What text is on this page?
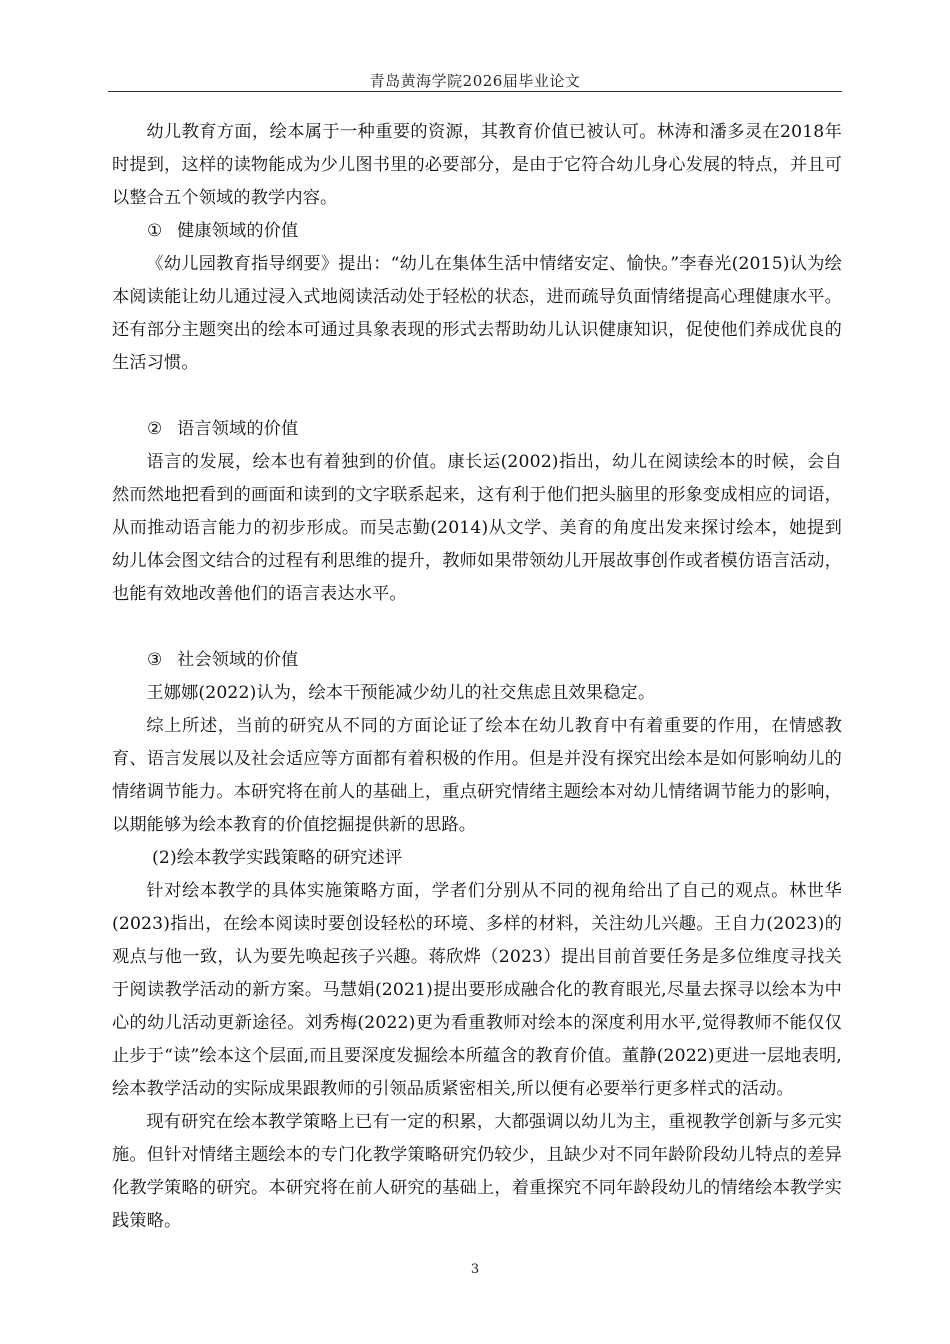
青岛黄海学院2026届毕业论文

幼儿教育方面，绘本属于一种重要的资源，其教育价值已被认可。林涛和潘多灵在2018年时提到，这样的读物能成为少儿图书里的必要部分，是由于它符合幼儿身心发展的特点，并且可以整合五个领域的教学内容。

① 健康领域的价值

《幼儿园教育指导纲要》提出：“幼儿在集体生活中情绪安定、愉快。”李春光(2015)认为绘本阅读能让幼儿通过浸入式地阅读活动处于轻松的状态，进而疏导负面情绪提高心理健康水平。还有部分主题突出的绘本可通过具象表现的形式去帮助幼儿认识健康知识，促使他们养成优良的生活习惯。

② 语言领域的价值

语言的发展，绘本也有着独到的价值。康长运(2002)指出，幼儿在阅读绘本的时候，会自然而然地把看到的画面和读到的文字联系起来，这有利于他们把头脑里的形象变成相应的词语，从而推动语言能力的初步形成。而吴志勤(2014)从文学、美育的角度出发来探讨绘本，她提到幼儿体会图文结合的过程有利思维的提升，教师如果带领幼儿开展故事创作或者模仿语言活动，也能有效地改善他们的语言表达水平。

③ 社会领域的价值

王娜娜(2022)认为，绘本干预能减少幼儿的社交焦虑且效果稳定。

综上所述，当前的研究从不同的方面论证了绘本在幼儿教育中有着重要的作用，在情感教育、语言发展以及社会适应等方面都有着积极的作用。但是并没有探究出绘本是如何影响幼儿的情绪调节能力。本研究将在前人的基础上，重点研究情绪主题绘本对幼儿情绪调节能力的影响，以期能够为绘本教育的价值挖掘提供新的思路。

(2)绘本教学实践策略的研究述评

针对绘本教学的具体实施策略方面，学者们分别从不同的视角给出了自己的观点。林世华(2023)指出，在绘本阅读时要创设轻松的环境、多样的材料，关注幼儿兴趣。王自力(2023)的观点与他一致，认为要先唤起孩子兴趣。蒋欣烨（2023）提出目前首要任务是多位维度寻找关于阅读教学活动的新方案。马慧娟(2021)提出要形成融合化的教育眼光,尽量去探寻以绘本为中心的幼儿活动更新途径。刘秀梅(2022)更为看重教师对绘本的深度利用水平,觉得教师不能仅仅止步于“读”绘本这个层面,而且要深度发掘绘本所蕴含的教育价值。董静(2022)更进一层地表明,绘本教学活动的实际成果跟教师的引领品质紧密相关,所以便有必要举行更多样式的活动。

现有研究在绘本教学策略上已有一定的积累，大都强调以幼儿为主，重视教学创新与多元实施。但针对情绪主题绘本的专门化教学策略研究仍较少，且缺少对不同年龄阶段幼儿特点的差异化教学策略的研究。本研究将在前人研究的基础上，着重探究不同年龄段幼儿的情绪绘本教学实践策略。

3
